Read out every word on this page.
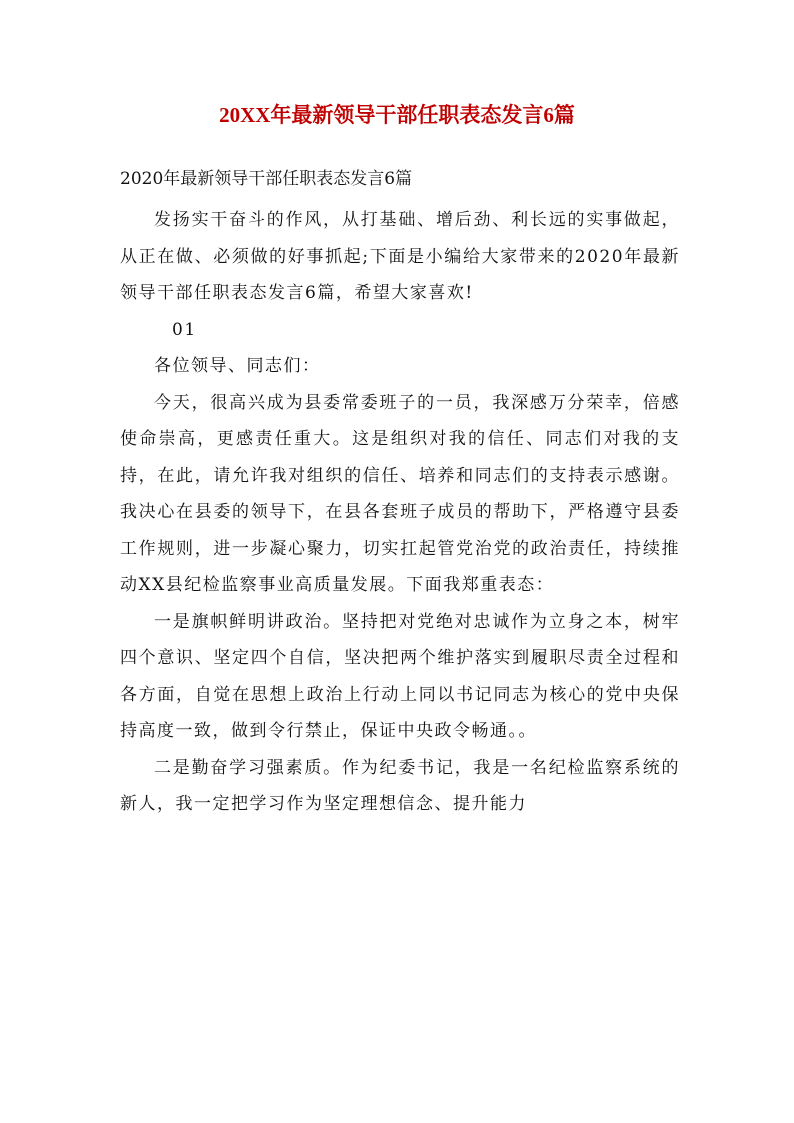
20XX年最新领导干部任职表态发言6篇

2020年最新领导干部任职表态发言6篇

发扬实干奋斗的作风，从打基础、增后劲、利长远的实事做起，从正在做、必须做的好事抓起;下面是小编给大家带来的2020年最新领导干部任职表态发言6篇，希望大家喜欢!

01

各位领导、同志们：

今天，很高兴成为县委常委班子的一员，我深感万分荣幸，倍感使命崇高，更感责任重大。这是组织对我的信任、同志们对我的支持，在此，请允许我对组织的信任、培养和同志们的支持表示感谢。我决心在县委的领导下，在县各套班子成员的帮助下，严格遵守县委工作规则，进一步凝心聚力，切实扛起管党治党的政治责任，持续推动XX县纪检监察事业高质量发展。下面我郑重表态：

一是旗帜鲜明讲政治。坚持把对党绝对忠诚作为立身之本，树牢四个意识、坚定四个自信，坚决把两个维护落实到履职尽责全过程和各方面，自觉在思想上政治上行动上同以书记同志为核心的党中央保持高度一致，做到令行禁止，保证中央政令畅通。。

二是勤奋学习强素质。作为纪委书记，我是一名纪检监察系统的新人，我一定把学习作为坚定理想信念、提升能力
